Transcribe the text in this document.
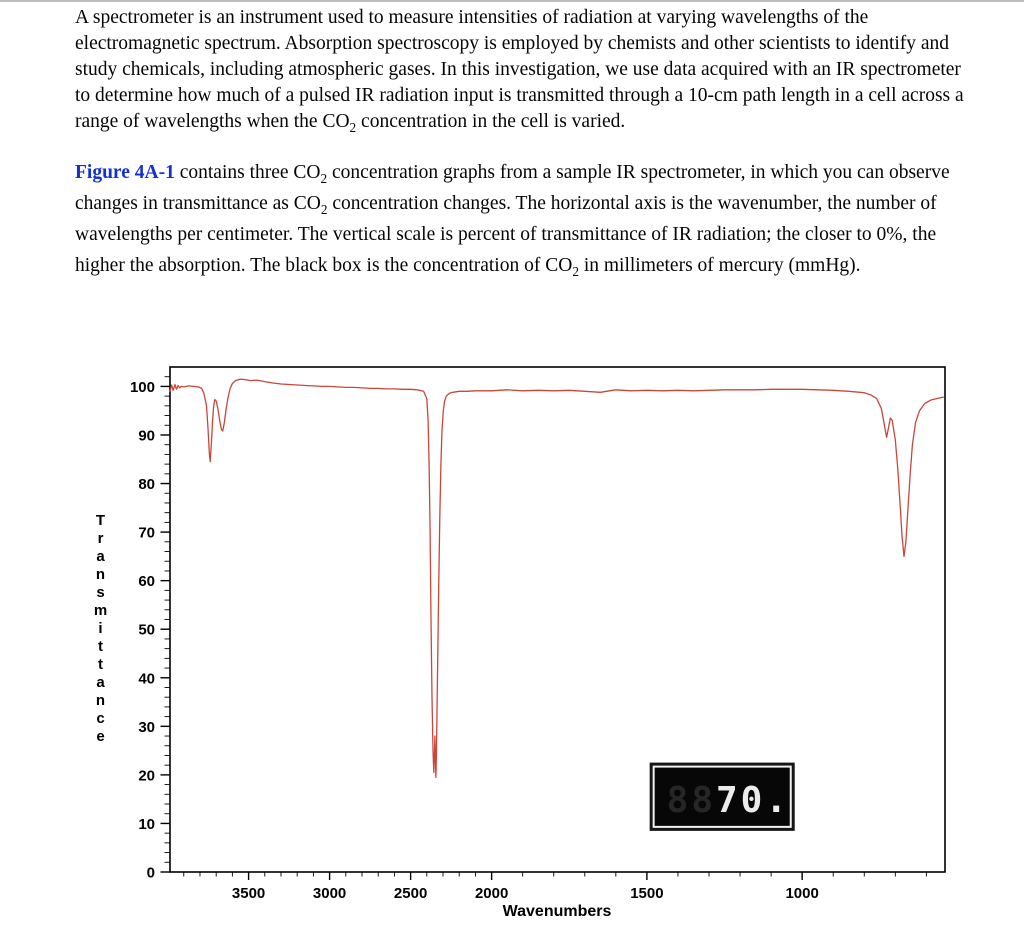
A spectrometer is an instrument used to measure intensities of radiation at varying wavelengths of the electromagnetic spectrum. Absorption spectroscopy is employed by chemists and other scientists to identify and study chemicals, including atmospheric gases. In this investigation, we use data acquired with an IR spectrometer to determine how much of a pulsed IR radiation input is transmitted through a 10-cm path length in a cell across a range of wavelengths when the $CO_2$ concentration in the cell is varied.

Figure 4A-1 contains three $CO_2$ concentration graphs from a sample IR spectrometer, in which you can observe changes in transmittance as $CO_2$ concentration changes. The horizontal axis is the wavenumber, the number of wavelengths per centimeter. The vertical scale is percent of transmittance of IR radiation; the closer to 0%, the higher the absorption. The black box is the concentration of $CO_2$ in millimeters of mercury (mmHg).

Transmittance
Wavenumbers
0
10
20
30
40
50
60
70
80
90
100
3500	3000	2500	2000	1500	1000
8870.
